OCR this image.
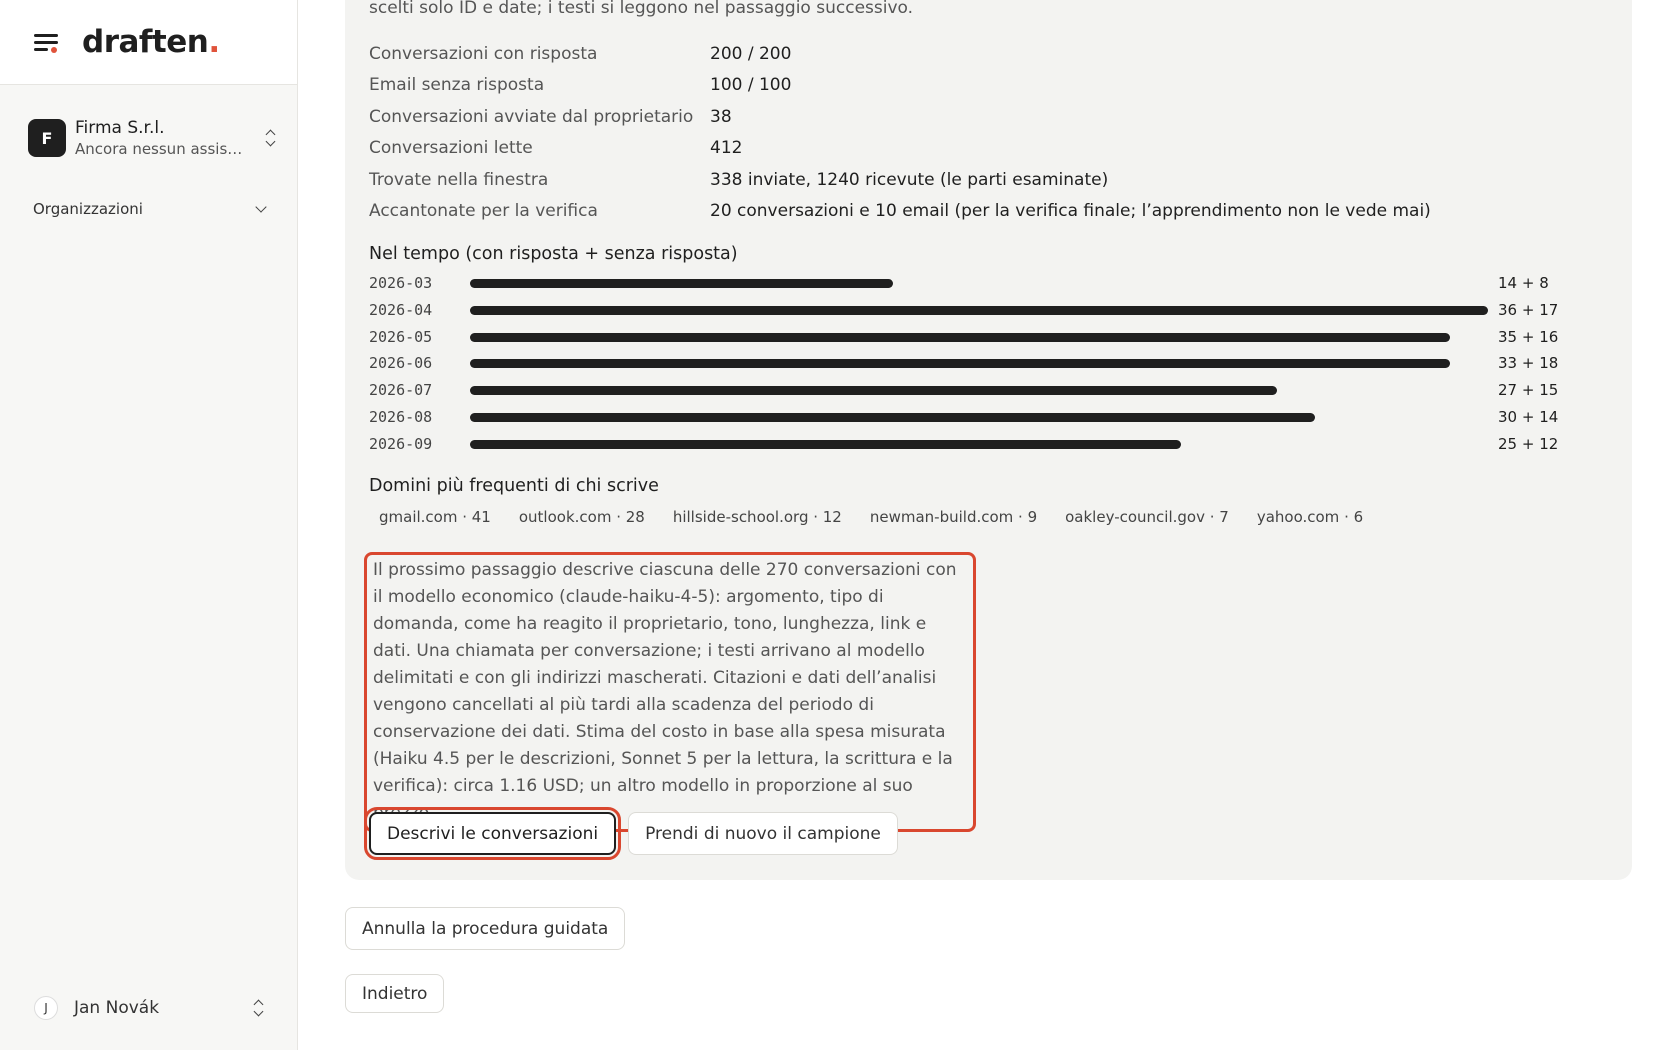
draften.
F	Firma S.r.l.
Ancora nessun assist...
Organizzazioni
J	Jan Novák
scelti solo ID e date; i testi si leggono nel passaggio successivo.
Conversazioni con risposta	200 / 200
Email senza risposta	100 / 100
Conversazioni avviate dal proprietario 38
Conversazioni lette	412
Trovate nella finestra	338 inviate, 1240 ricevute (le parti esaminate)
Accantonate per la verifica	20 conversazioni e 10 email (per la verifica finale; l’apprendimento non le vede mai)
Nel tempo (con risposta + senza risposta)
2026-03	14 + 8
2026-04	36 + 17
2026-05	35 + 16
2026-06	33 + 18
2026-07	27 + 15
2026-08	30 + 14
2026-09	25 + 12
Domini più frequenti di chi scrive
gmail.com · 41	outlook.com · 28	hillside-school.org · 12	newman-build.com · 9	oakley-council.gov · 7	yahoo.com · 6
Il prossimo passaggio descrive ciascuna delle 270 conversazioni con il modello economico (claude-haiku-4-5): argomento, tipo di domanda, come ha reagito il proprietario, tono, lunghezza, link e dati. Una chiamata per conversazione; i testi arrivano al modello delimitati e con gli indirizzi mascherati. Citazioni e dati dell’analisi vengono cancellati al più tardi alla scadenza del periodo di conservazione dei dati. Stima del costo in base alla spesa misurata (Haiku 4.5 per le descrizioni, Sonnet 5 per la lettura, la scrittura e la verifica): circa 1.16 USD; un altro modello in proporzione al suo
Descrivi le conversazioni	Prendi di nuovo il campione
Annulla la procedura guidata
Indietro
